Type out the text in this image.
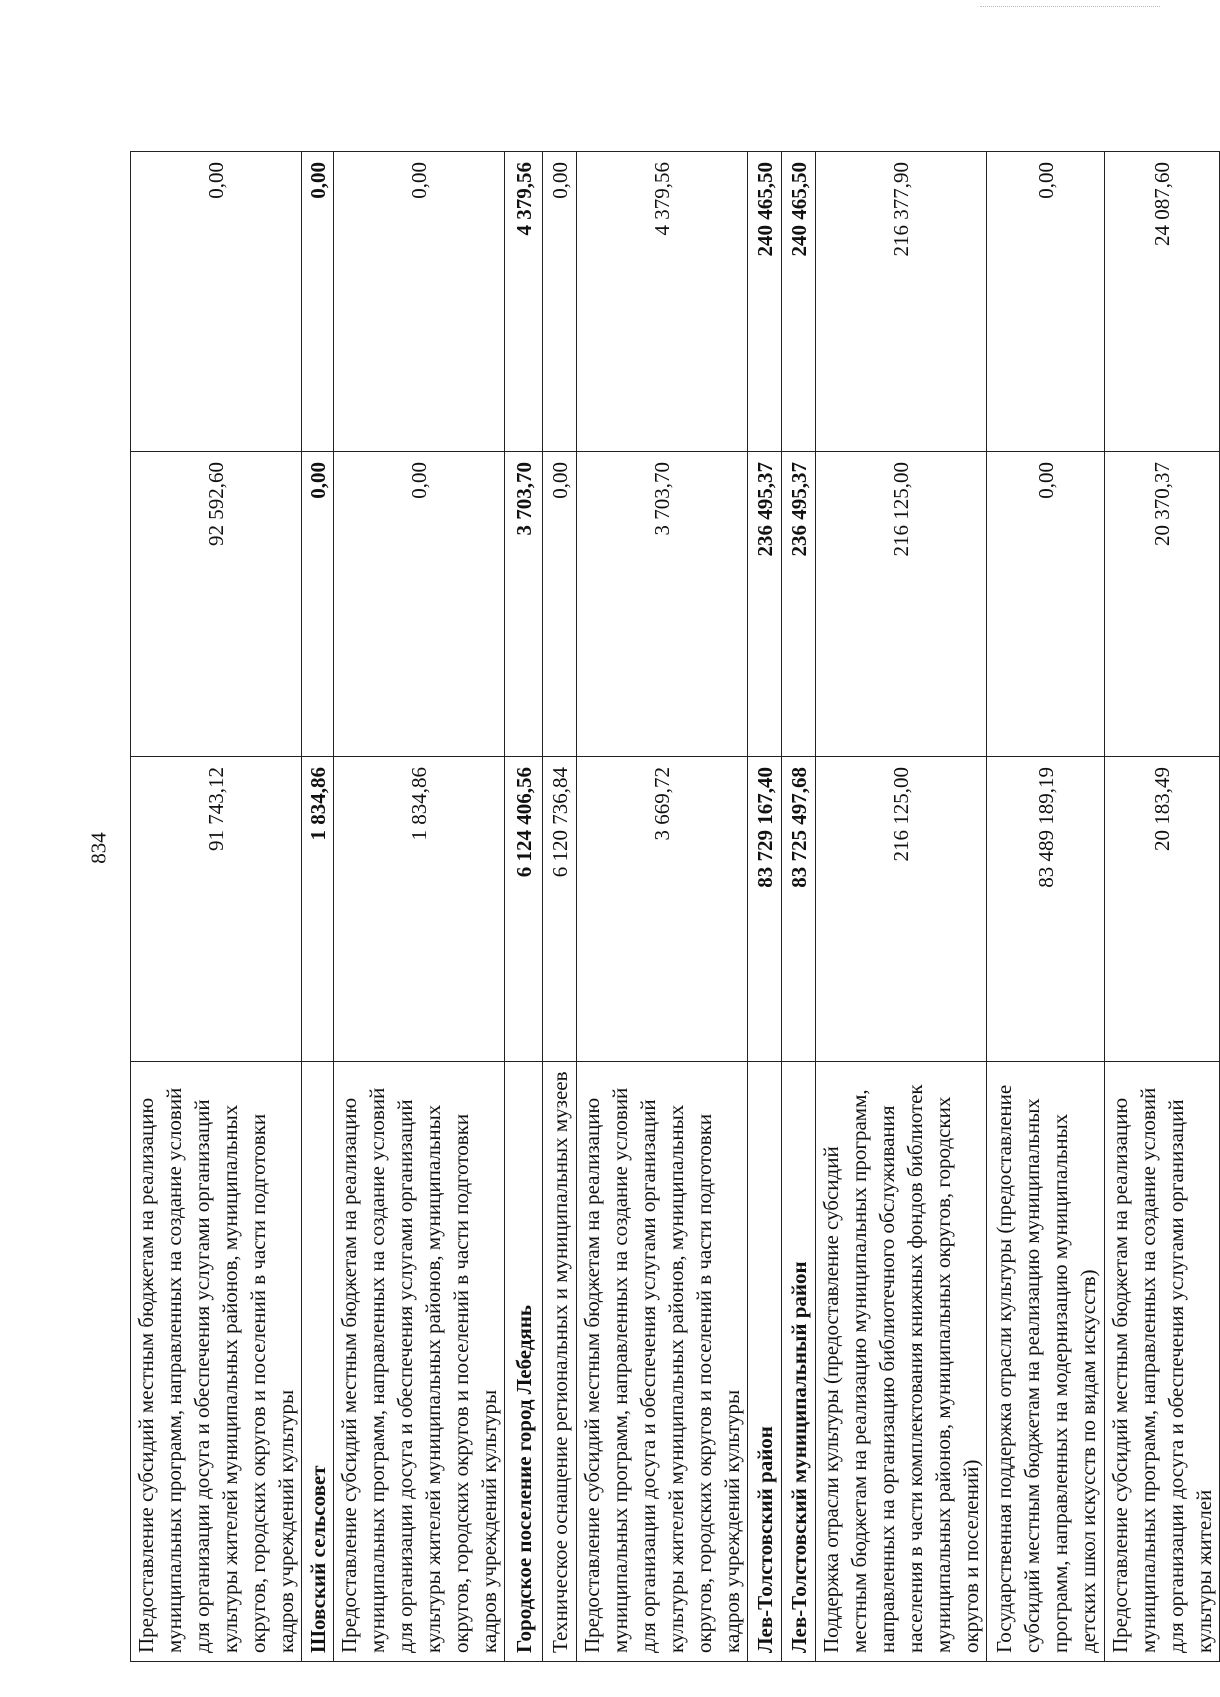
834
Предоставление субсидий местным бюджетам на реализацию муниципальных программ, направленных на создание условий для организации досуга и обеспечения услугами организаций культуры жителей муниципальных районов, муниципальных округов, городских округов и поселений в части подготовки кадров учреждений культуры	91 743,12	92 592,60	0,00
Шовский сельсовет	1 834,86	0,00	0,00
Предоставление субсидий местным бюджетам на реализацию муниципальных программ, направленных на создание условий для организации досуга и обеспечения услугами организаций культуры жителей муниципальных районов, муниципальных округов, городских округов и поселений в части подготовки кадров учреждений культуры	1 834,86	0,00	0,00
Городское поселение город Лебедянь	6 124 406,56	3 703,70	4 379,56
Техническое оснащение региональных и муниципальных музеев	6 120 736,84	0,00	0,00
Предоставление субсидий местным бюджетам на реализацию муниципальных программ, направленных на создание условий для организации досуга и обеспечения услугами организаций культуры жителей муниципальных районов, муниципальных округов, городских округов и поселений в части подготовки кадров учреждений культуры	3 669,72	3 703,70	4 379,56
Лев-Толстовский район	83 729 167,40	236 495,37	240 465,50
Лев-Толстовский муниципальный район	83 725 497,68	236 495,37	240 465,50
Поддержка отрасли культуры (предоставление субсидий местным бюджетам на реализацию муниципальных программ, направленных на организацию библиотечного обслуживания населения в части комплектования книжных фондов библиотек муниципальных районов, муниципальных округов, городских округов и поселений)	216 125,00	216 125,00	216 377,90
Государственная поддержка отрасли культуры (предоставление субсидий местным бюджетам на реализацию муниципальных программ, направленных на модернизацию муниципальных детских школ искусств по видам искусств)	83 489 189,19	0,00	0,00
Предоставление субсидий местным бюджетам на реализацию муниципальных программ, направленных на создание условий для организации досуга и обеспечения услугами организаций культуры жителей	20 183,49	20 370,37	24 087,60
